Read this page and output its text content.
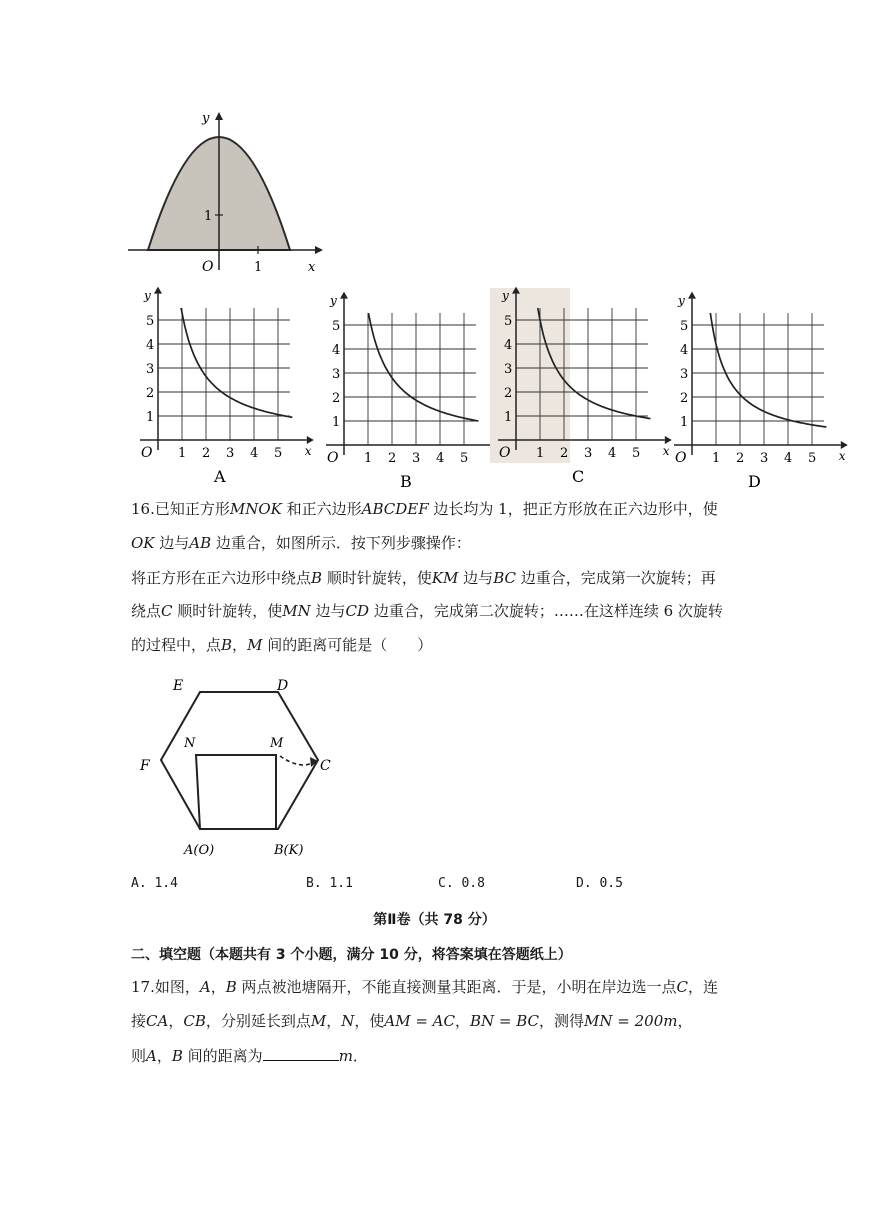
y
x
O
1
1
y
x
O
1
2
3
4
5
1 2 3 4 5
A
y
O
1
2
3
4
5
1 2 3 4 5
B
y
x
O
1
2
3
4
5
1 2 3 4 5
C
y
x
O
1
2
3
4
5
1 2 3 4 5
D
16.已知正方形MNOK 和正六边形ABCDEF 边长均为 1，把正方形放在正六边形中，使
OK 边与AB 边重合，如图所示．按下列步骤操作：
将正方形在正六边形中绕点B 顺时针旋转，使KM 边与BC 边重合，完成第一次旋转；再
绕点C 顺时针旋转，使MN 边与CD 边重合，完成第二次旋转；……在这样连续 6 次旋转
的过程中，点B，M 间的距离可能是（　　）
E	D
F	C
N	M
A(O)	B(K)
A. 1.4	B. 1.1	C. 0.8	D. 0.5
第Ⅱ卷（共 78 分）
二、填空题（本题共有 3 个小题，满分 10 分，将答案填在答题纸上）
17.如图，A，B 两点被池塘隔开，不能直接测量其距离．于是，小明在岸边选一点C，连
接CA，CB，分别延长到点M，N，使AM = AC，BN = BC，测得MN = 200m，
则A，B 间的距离为	m．
